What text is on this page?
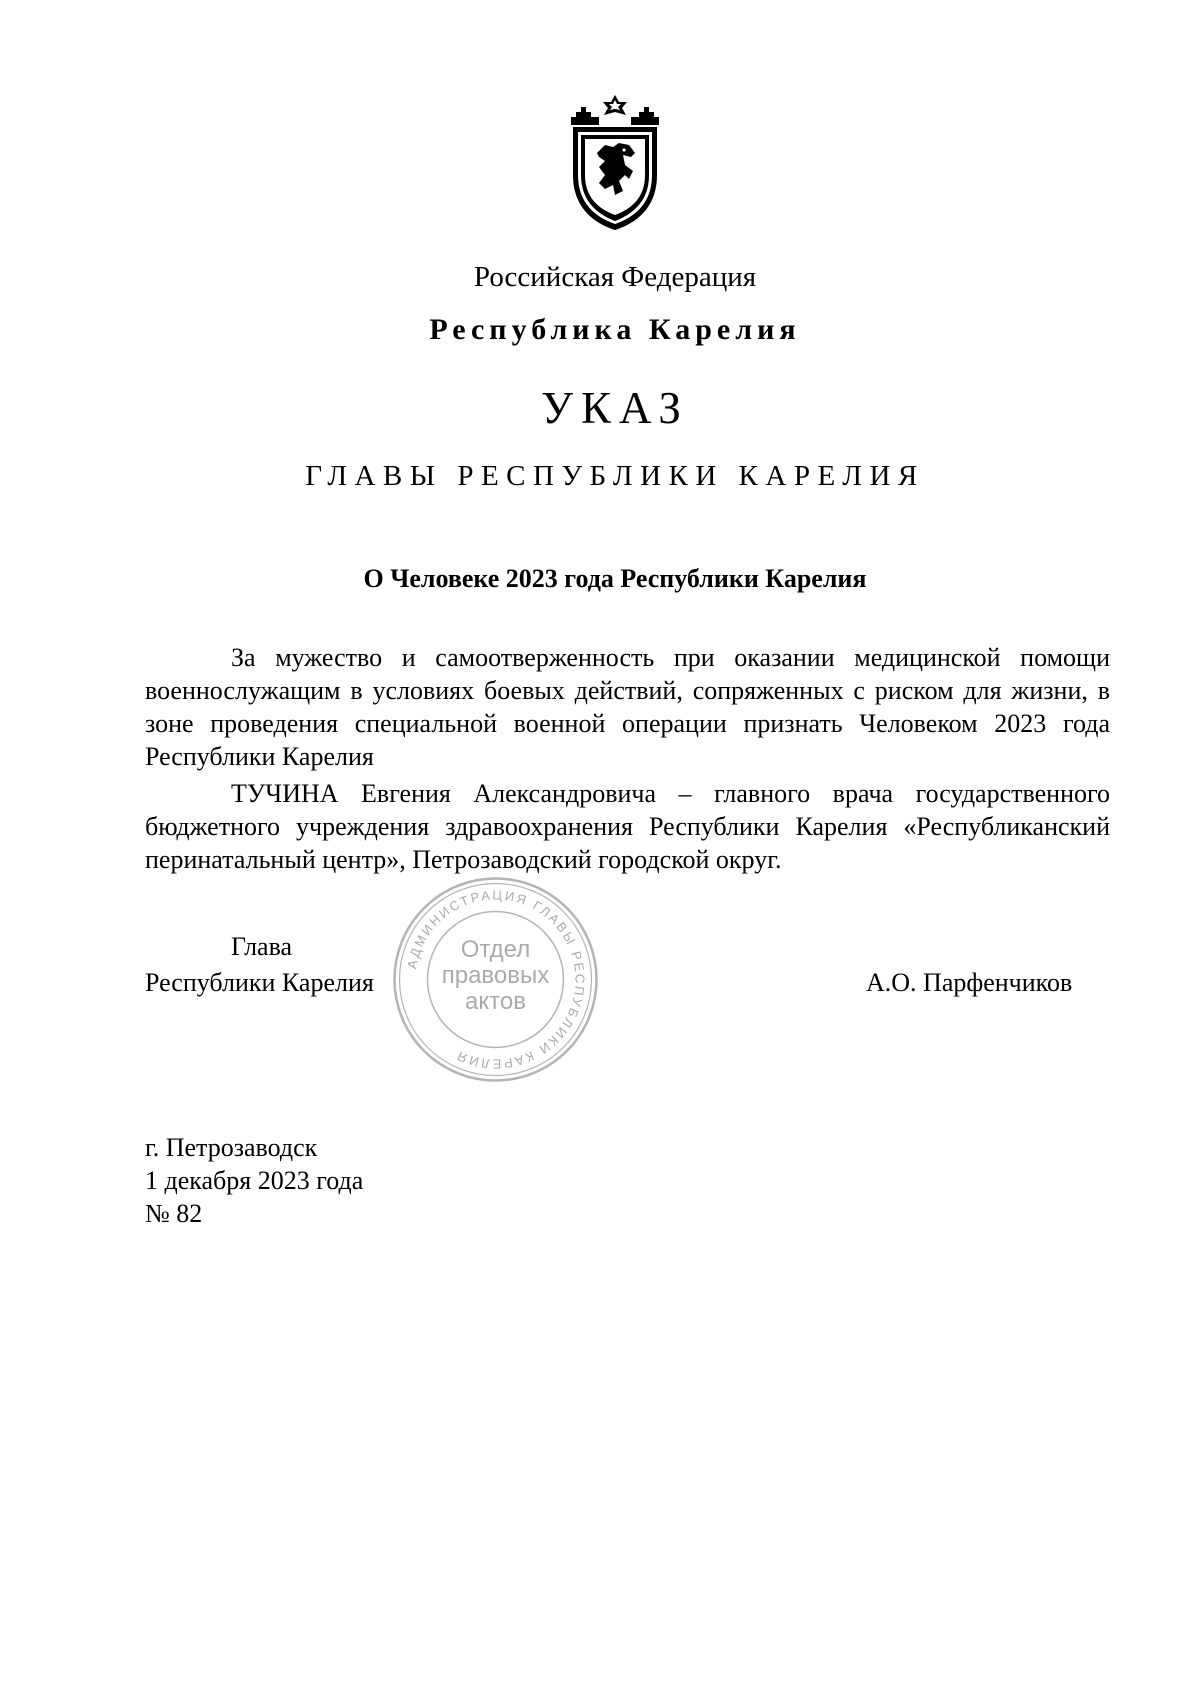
Российская Федерация
Республика Карелия
УКАЗ
ГЛАВЫ РЕСПУБЛИКИ КАРЕЛИЯ
О Человеке 2023 года Республики Карелия

За мужество и самоотверженность при оказании медицинской помощи военнослужащим в условиях боевых действий, сопряженных с риском для жизни, в зоне проведения специальной военной операции признать Человеком 2023 года Республики Карелия

ТУЧИНА Евгения Александровича – главного врача государственного бюджетного учреждения здравоохранения Республики Карелия «Республиканский перинатальный центр», Петрозаводский городской округ.

Глава
Республики Карелия
АДМИНИСТРАЦИЯ ГЛАВЫ РЕСПУБЛИКИ КАРЕЛИЯ
Отдел
правовых
актов
А.О. Парфенчиков
г. Петрозаводск
1 декабря 2023 года
№ 82
